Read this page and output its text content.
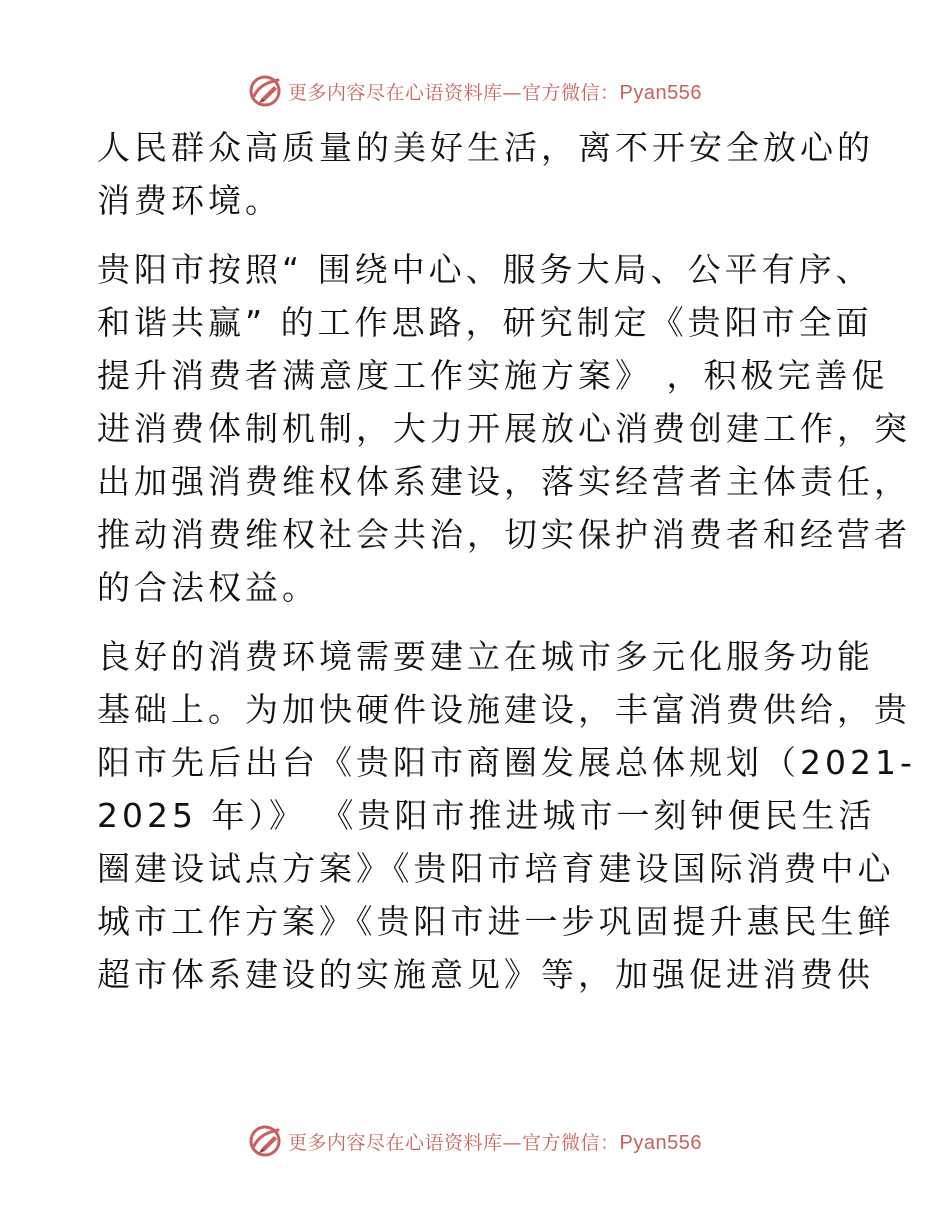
更多内容尽在心语资料库—官方微信：Pyan556
人民群众高质量的美好生活，离不开安全放心的
消费环境。
贵阳市按照“ 围绕中心、服务大局、公平有序、
和谐共赢” 的工作思路，研究制定《贵阳市全面
提升消费者满意度工作实施方案》 ，积极完善促
进消费体制机制，大力开展放心消费创建工作，突
出加强消费维权体系建设，落实经营者主体责任，
推动消费维权社会共治，切实保护消费者和经营者
的合法权益。
良好的消费环境需要建立在城市多元化服务功能
基础上。为加快硬件设施建设，丰富消费供给，贵
阳市先后出台《贵阳市商圈发展总体规划（2021-
2025 年）》 《贵阳市推进城市一刻钟便民生活
圈建设试点方案》《贵阳市培育建设国际消费中心
城市工作方案》《贵阳市进一步巩固提升惠民生鲜
超市体系建设的实施意见》等，加强促进消费供
更多内容尽在心语资料库—官方微信：Pyan556
